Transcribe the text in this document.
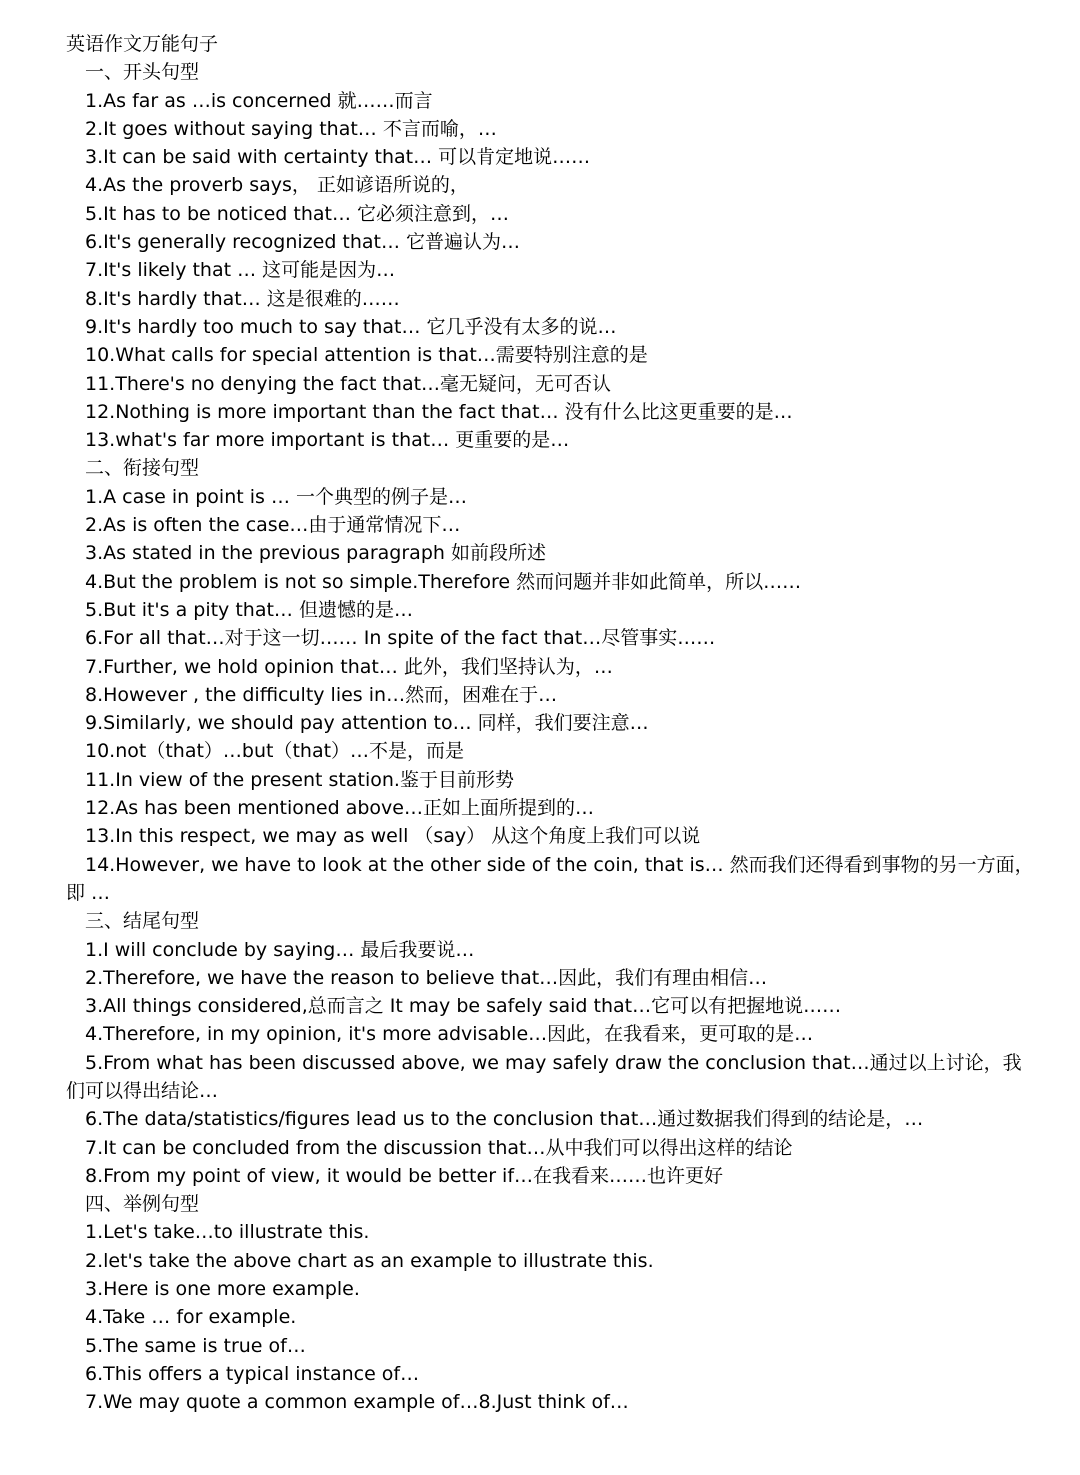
英语作文万能句子
一、开头句型
1.As far as …is concerned 就……而言
2.It goes without saying that… 不言而喻，…
3.It can be said with certainty that… 可以肯定地说……
4.As the proverb says， 正如谚语所说的，
5.It has to be noticed that… 它必须注意到，…
6.It's generally recognized that… 它普遍认为…
7.It's likely that … 这可能是因为…
8.It's hardly that… 这是很难的……
9.It's hardly too much to say that… 它几乎没有太多的说…
10.What calls for special attention is that…需要特别注意的是
11.There's no denying the fact that…毫无疑问，无可否认
12.Nothing is more important than the fact that… 没有什么比这更重要的是…
13.what's far more important is that… 更重要的是…
二、衔接句型
1.A case in point is … 一个典型的例子是…
2.As is often the case…由于通常情况下…
3.As stated in the previous paragraph 如前段所述
4.But the problem is not so simple.Therefore 然而问题并非如此简单，所以……
5.But it's a pity that… 但遗憾的是…
6.For all that…对于这一切…… In spite of the fact that…尽管事实……
7.Further, we hold opinion that… 此外，我们坚持认为，…
8.However , the difficulty lies in…然而，困难在于…
9.Similarly, we should pay attention to… 同样，我们要注意…
10.not（that）…but（that）…不是，而是
11.In view of the present station.鉴于目前形势
12.As has been mentioned above…正如上面所提到的…
13.In this respect, we may as well （say） 从这个角度上我们可以说
14.However, we have to look at the other side of the coin, that is… 然而我们还得看到事物的另一方面，
即 …
三、结尾句型
1.I will conclude by saying… 最后我要说…
2.Therefore, we have the reason to believe that…因此，我们有理由相信…
3.All things considered,总而言之 It may be safely said that…它可以有把握地说……
4.Therefore, in my opinion, it's more advisable…因此，在我看来，更可取的是…
5.From what has been discussed above, we may safely draw the conclusion that…通过以上讨论，我
们可以得出结论…
6.The data/statistics/figures lead us to the conclusion that…通过数据我们得到的结论是，…
7.It can be concluded from the discussion that…从中我们可以得出这样的结论
8.From my point of view, it would be better if…在我看来……也许更好
四、举例句型
1.Let's take…to illustrate this.
2.let's take the above chart as an example to illustrate this.
3.Here is one more example.
4.Take … for example.
5.The same is true of…
6.This offers a typical instance of…
7.We may quote a common example of…8.Just think of…
